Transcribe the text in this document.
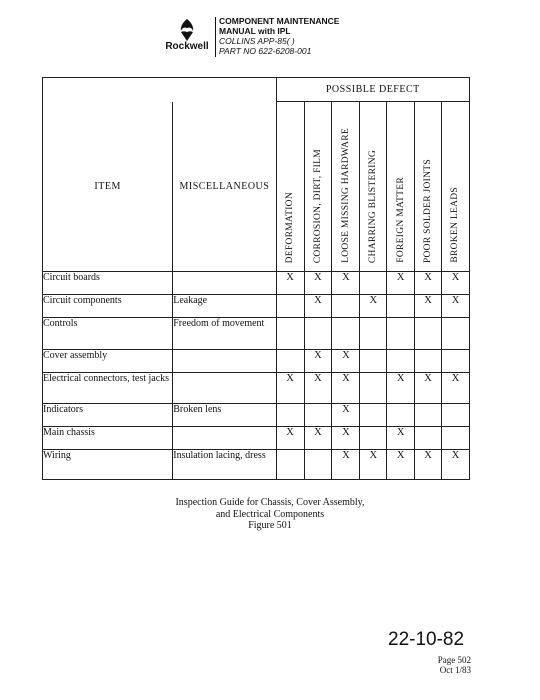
Rockwell
COMPONENT MAINTENANCE
MANUAL with IPL
COLLINS APP-85( )
PART NO 622-6208-001
		POSSIBLE DEFECT						
ITEM	MISCELLANEOUS	DEFORMATION	CORROSION, DIRT, FILM	LOOSE MISSING HARDWARE	CHARRING BLISTERING	FOREIGN MATTER	POOR SOLDER JOINTS	BROKEN LEADS

Circuit boards		X	X	X		X	X	X
Circuit components	Leakage		X		X		X	X
Controls	Freedom of movement							
Cover assembly			X	X				
Electrical connectors, test jacks		X	X	X		X	X	X
Indicators	Broken lens			X				
Main chassis		X	X	X		X		
Wiring	Insulation lacing, dress			X	X	X	X	X
Inspection Guide for Chassis, Cover Assembly,
and Electrical Components
Figure 501
22-10-82
Page 502
Oct 1/83
